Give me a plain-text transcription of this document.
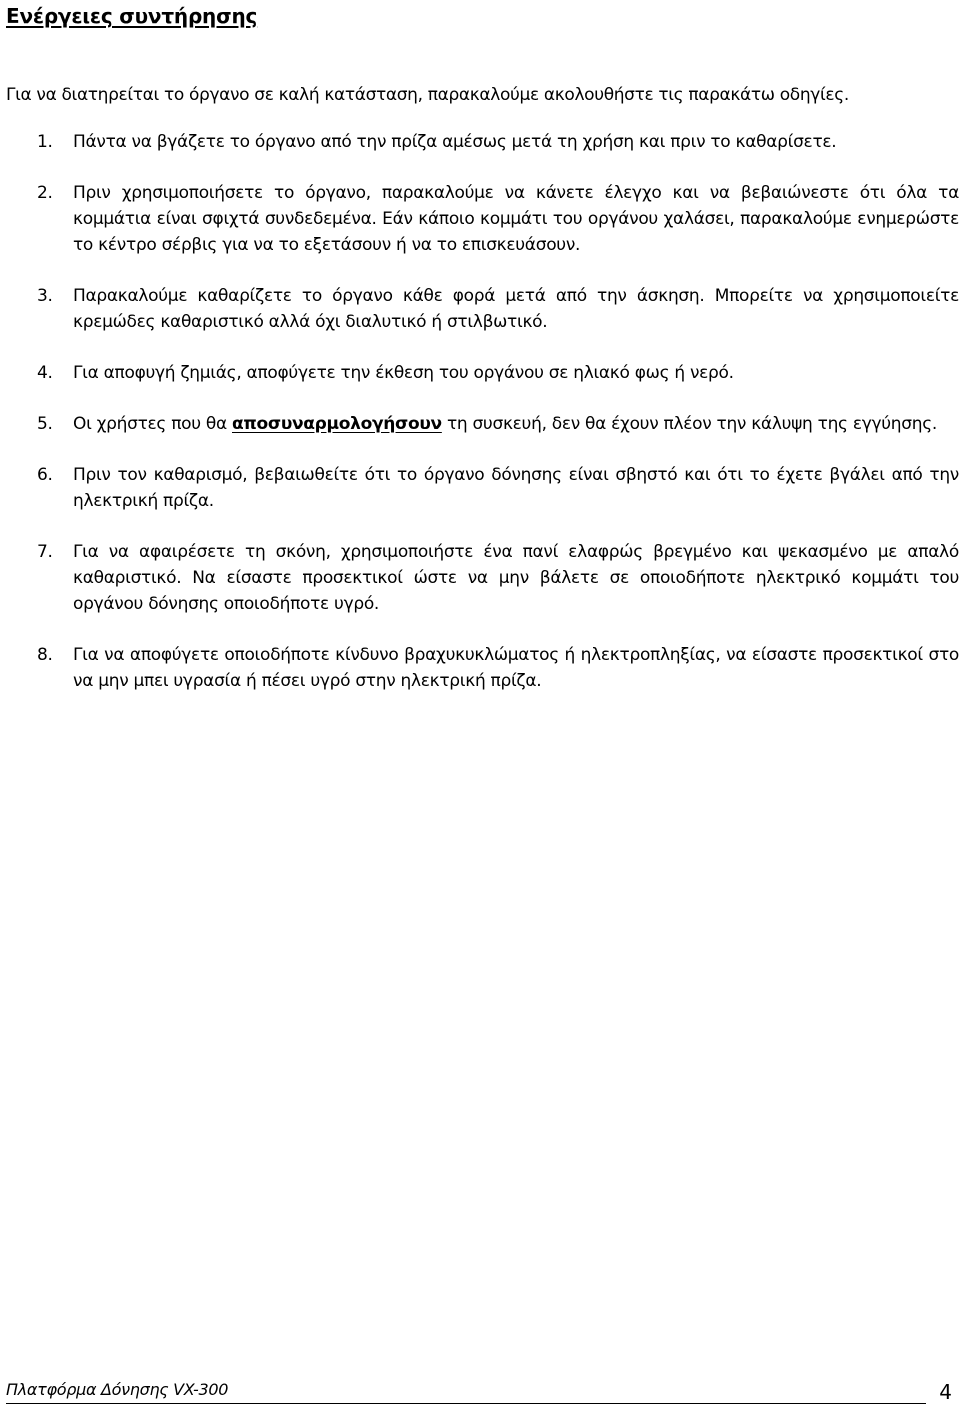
Ενέργειες συντήρησης
Για να διατηρείται το όργανο σε καλή κατάσταση, παρακαλούμε ακολουθήστε τις παρακάτω οδηγίες.
1.	Πάντα να βγάζετε το όργανο από την πρίζα αμέσως μετά τη χρήση και πριν το καθαρίσετε.
2.	Πριν χρησιμοποιήσετε το όργανο, παρακαλούμε να κάνετε έλεγχο και να βεβαιώνεστε ότι όλα τα κομμάτια είναι σφιχτά συνδεδεμένα. Εάν κάποιο κομμάτι του οργάνου χαλάσει, παρακαλούμε ενημερώστε το κέντρο σέρβις για να το εξετάσουν ή να το επισκευάσουν.
3.	Παρακαλούμε καθαρίζετε το όργανο κάθε φορά μετά από την άσκηση. Μπορείτε να χρησιμοποιείτε κρεμώδες καθαριστικό αλλά όχι διαλυτικό ή στιλβωτικό.
4.	Για αποφυγή ζημιάς, αποφύγετε την έκθεση του οργάνου σε ηλιακό φως ή νερό.
5.	Οι χρήστες που θα αποσυναρμολογήσουν τη συσκευή, δεν θα έχουν πλέον την κάλυψη της εγγύησης.
6.	Πριν τον καθαρισμό, βεβαιωθείτε ότι το όργανο δόνησης είναι σβηστό και ότι το έχετε βγάλει από την ηλεκτρική πρίζα.
7.	Για να αφαιρέσετε τη σκόνη, χρησιμοποιήστε ένα πανί ελαφρώς βρεγμένο και ψεκασμένο με απαλό καθαριστικό. Να είσαστε προσεκτικοί ώστε να μην βάλετε σε οποιοδήποτε ηλεκτρικό κομμάτι του οργάνου δόνησης οποιοδήποτε υγρό.
8.	Για να αποφύγετε οποιοδήποτε κίνδυνο βραχυκυκλώματος ή ηλεκτροπληξίας, να είσαστε προσεκτικοί στο να μην μπει υγρασία ή πέσει υγρό στην ηλεκτρική πρίζα.
Πλατφόρμα Δόνησης VX-300	4
